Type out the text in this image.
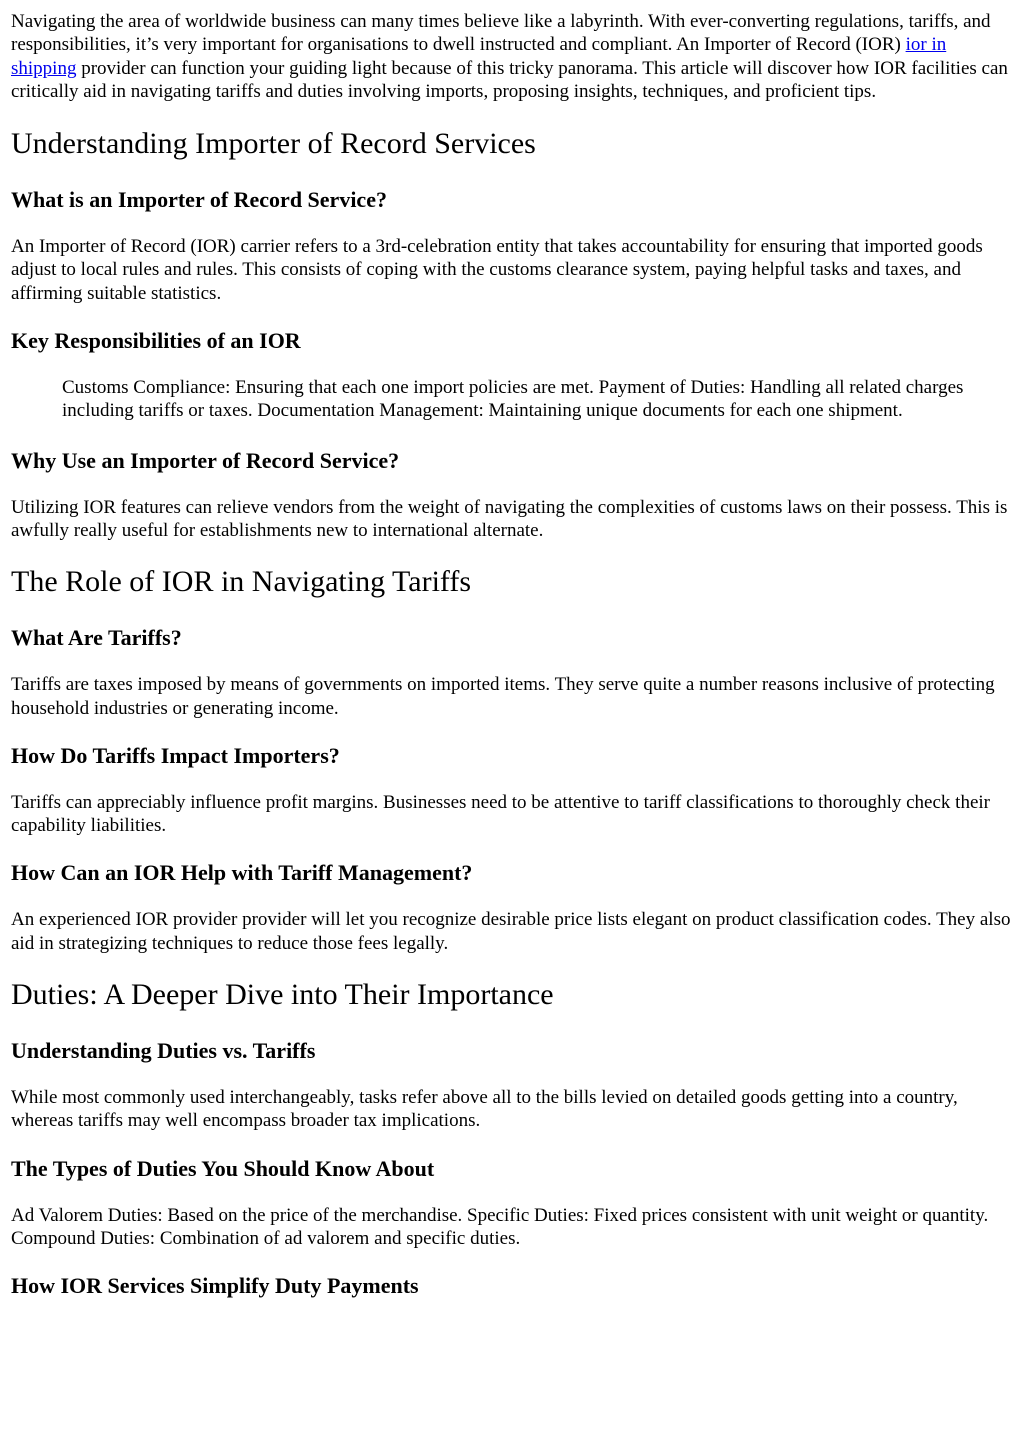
Navigating the area of worldwide business can many times believe like a labyrinth. With ever-converting regulations, tariffs, and responsibilities, it’s very important for organisations to dwell instructed and compliant. An Importer of Record (IOR) ior in shipping provider can function your guiding light because of this tricky panorama. This article will discover how IOR facilities can critically aid in navigating tariffs and duties involving imports, proposing insights, techniques, and proficient tips.

Understanding Importer of Record Services
What is an Importer of Record Service?

An Importer of Record (IOR) carrier refers to a 3rd-celebration entity that takes accountability for ensuring that imported goods adjust to local rules and rules. This consists of coping with the customs clearance system, paying helpful tasks and taxes, and affirming suitable statistics.

Key Responsibilities of an IOR
Customs Compliance: Ensuring that each one import policies are met. Payment of Duties: Handling all related charges including tariffs or taxes. Documentation Management: Maintaining unique documents for each one shipment.
Why Use an Importer of Record Service?

Utilizing IOR features can relieve vendors from the weight of navigating the complexities of customs laws on their possess. This is awfully really useful for establishments new to international alternate.

The Role of IOR in Navigating Tariffs
What Are Tariffs?

Tariffs are taxes imposed by means of governments on imported items. They serve quite a number reasons inclusive of protecting household industries or generating income.

How Do Tariffs Impact Importers?

Tariffs can appreciably influence profit margins. Businesses need to be attentive to tariff classifications to thoroughly check their capability liabilities.

How Can an IOR Help with Tariff Management?

An experienced IOR provider provider will let you recognize desirable price lists elegant on product classification codes. They also aid in strategizing techniques to reduce those fees legally.

Duties: A Deeper Dive into Their Importance
Understanding Duties vs. Tariffs

While most commonly used interchangeably, tasks refer above all to the bills levied on detailed goods getting into a country, whereas tariffs may well encompass broader tax implications.

The Types of Duties You Should Know About

Ad Valorem Duties: Based on the price of the merchandise. Specific Duties: Fixed prices consistent with unit weight or quantity. Compound Duties: Combination of ad valorem and specific duties.

How IOR Services Simplify Duty Payments
